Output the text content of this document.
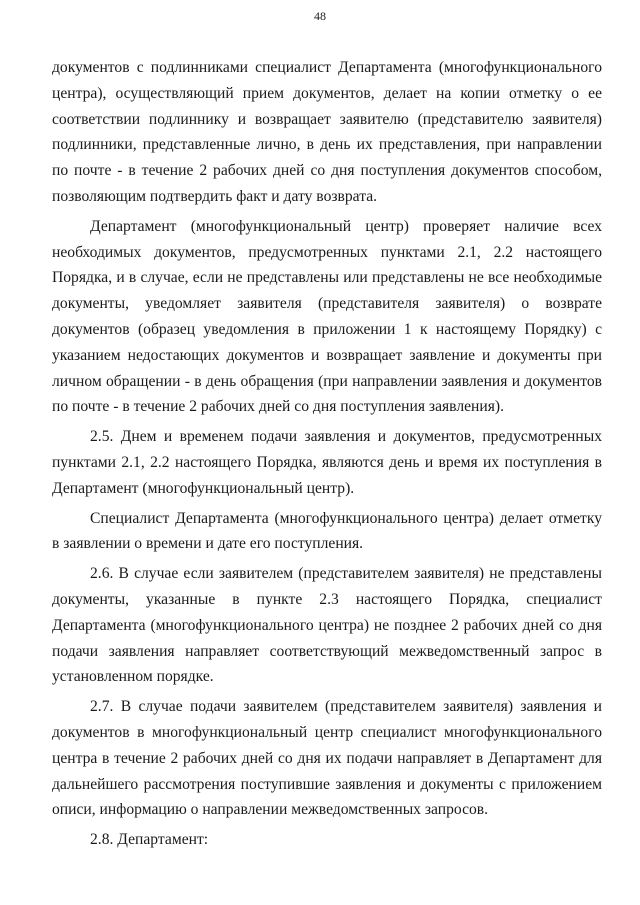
48

документов с подлинниками специалист Департамента (многофункционального центра), осуществляющий прием документов, делает на копии отметку о ее соответствии подлиннику и возвращает заявителю (представителю заявителя) подлинники, представленные лично, в день их представления, при направлении по почте - в течение 2 рабочих дней со дня поступления документов способом, позволяющим подтвердить факт и дату возврата.

Департамент (многофункциональный центр) проверяет наличие всех необходимых документов, предусмотренных пунктами 2.1, 2.2 настоящего Порядка, и в случае, если не представлены или представлены не все необходимые документы, уведомляет заявителя (представителя заявителя) о возврате документов (образец уведомления в приложении 1 к настоящему Порядку) с указанием недостающих документов и возвращает заявление и документы при личном обращении - в день обращения (при направлении заявления и документов по почте - в течение 2 рабочих дней со дня поступления заявления).

2.5. Днем и временем подачи заявления и документов, предусмотренных пунктами 2.1, 2.2 настоящего Порядка, являются день и время их поступления в Департамент (многофункциональный центр).

Специалист Департамента (многофункционального центра) делает отметку в заявлении о времени и дате его поступления.

2.6. В случае если заявителем (представителем заявителя) не представлены документы, указанные в пункте 2.3 настоящего Порядка, специалист Департамента (многофункционального центра) не позднее 2 рабочих дней со дня подачи заявления направляет соответствующий межведомственный запрос в установленном порядке.

2.7. В случае подачи заявителем (представителем заявителя) заявления и документов в многофункциональный центр специалист многофункционального центра в течение 2 рабочих дней со дня их подачи направляет в Департамент для дальнейшего рассмотрения поступившие заявления и документы с приложением описи, информацию о направлении межведомственных запросов.

2.8. Департамент:
